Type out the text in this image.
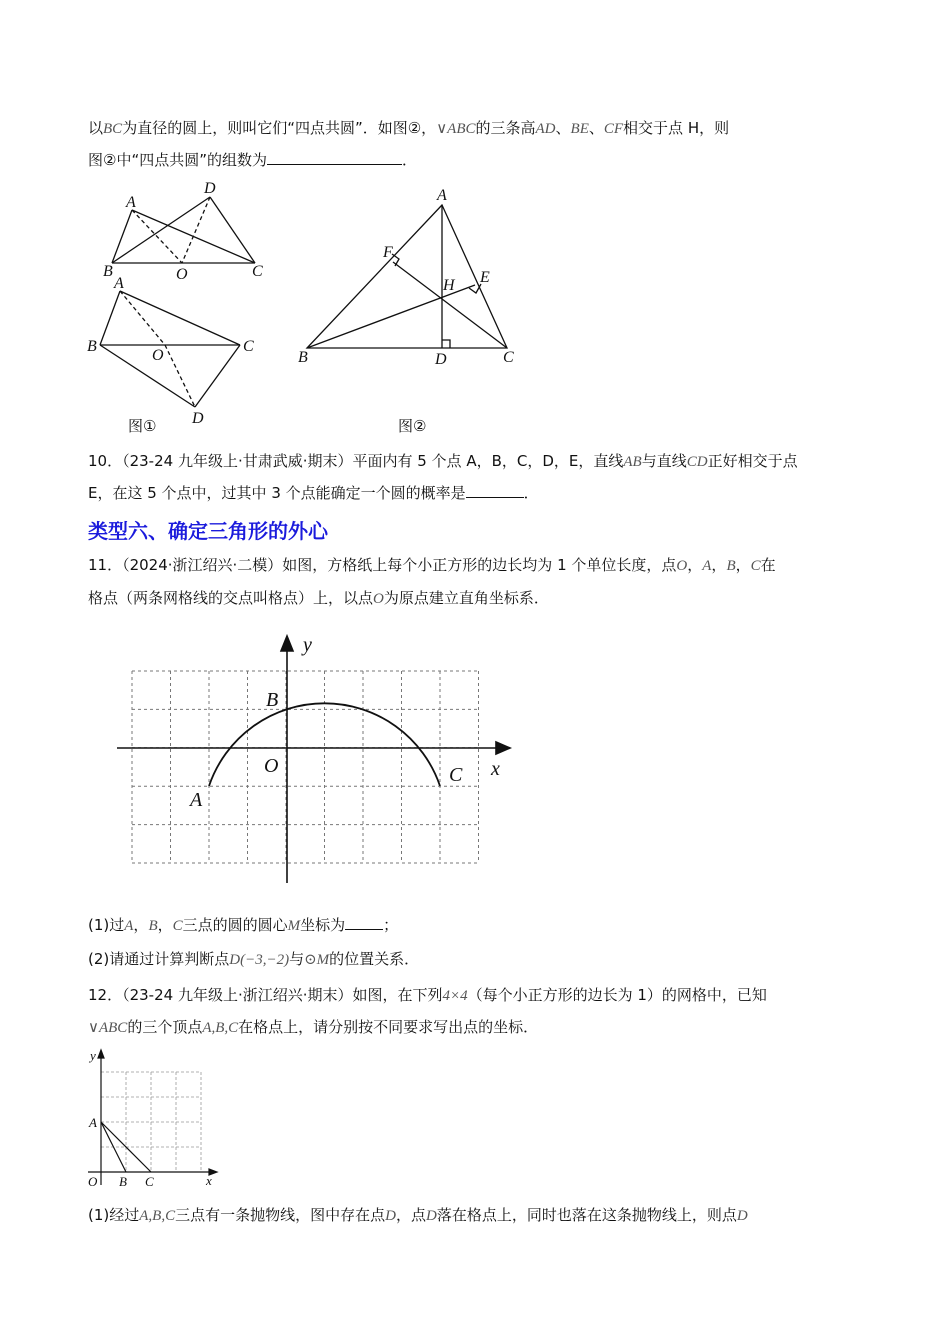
以BC为直径的圆上，则叫它们“四点共圆”．如图②，∨ABC的三条高AD、BE、CF相交于点 H，则
图②中“四点共圆”的组数为	．
A
D
B	O	C
A
B
O
C
D
A
F
E
H
B	D	C
y
x
B
O
A
C
y
x
A
O B C
图①	图②
10．（23-24 九年级上·甘肃武威·期末）平面内有 5 个点 A，B，C，D，E，直线AB与直线CD正好相交于点
E，在这 5 个点中，过其中 3 个点能确定一个圆的概率是	．
类型六、确定三角形的外心
11．（2024·浙江绍兴·二模）如图，方格纸上每个小正方形的边长均为 1 个单位长度，点O，A，B，C在
格点（两条网格线的交点叫格点）上，以点O为原点建立直角坐标系．
(1)过A，B，C三点的圆的圆心M坐标为	；
(2)请通过计算判断点D(−3,−2)与⊙M的位置关系．
12．（23-24 九年级上·浙江绍兴·期末）如图，在下列4×4（每个小正方形的边长为 1）的网格中，已知
∨ABC的三个顶点A,B,C在格点上，请分别按不同要求写出点的坐标．
(1)经过A,B,C三点有一条抛物线，图中存在点D，点D落在格点上，同时也落在这条抛物线上，则点D
